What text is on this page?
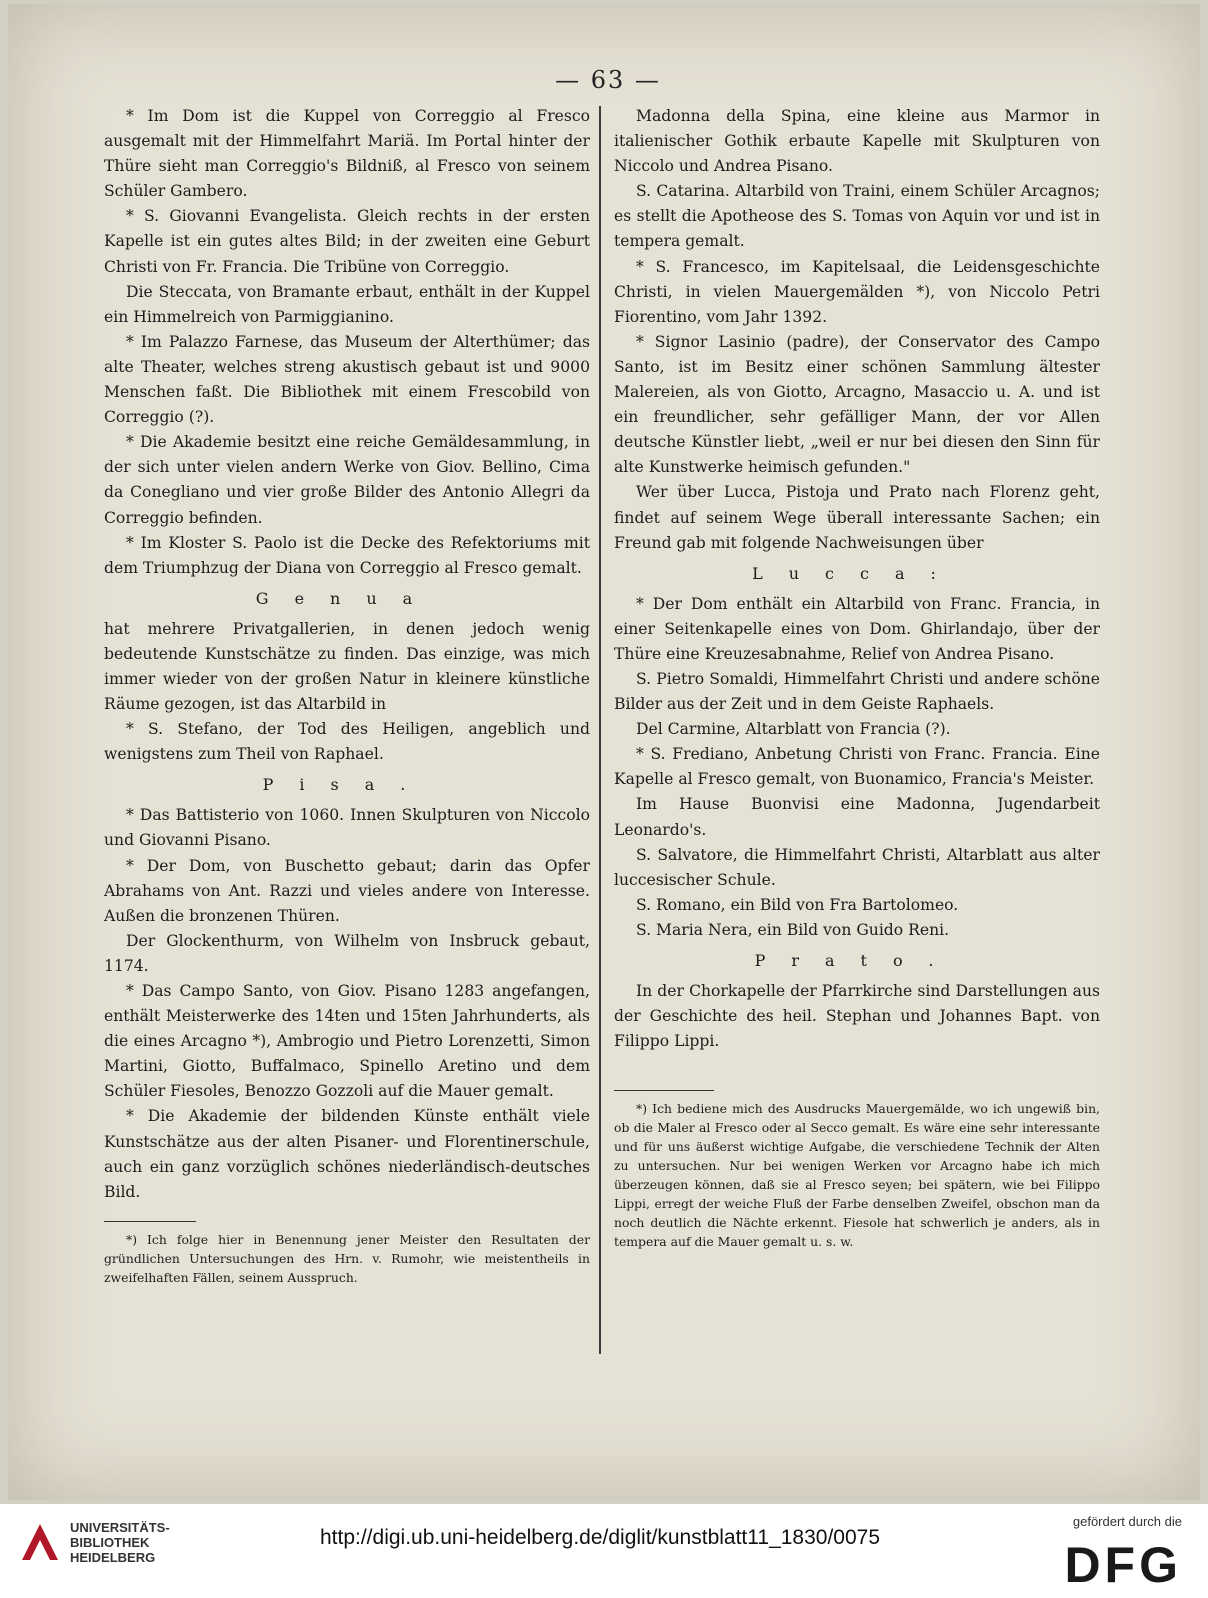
— 63 —

* Im Dom ist die Kuppel von Correggio al Fresco ausgemalt mit der Himmelfahrt Mariä. Im Portal hinter der Thüre sieht man Correggio's Bildniß, al Fresco von seinem Schüler Gambero.

* S. Giovanni Evangelista. Gleich rechts in der ersten Kapelle ist ein gutes altes Bild; in der zweiten eine Geburt Christi von Fr. Francia. Die Tribüne von Correggio.

Die Steccata, von Bramante erbaut, enthält in der Kuppel ein Himmelreich von Parmiggianino.

* Im Palazzo Farnese, das Museum der Alterthümer; das alte Theater, welches streng akustisch gebaut ist und 9000 Menschen faßt. Die Bibliothek mit einem Frescobild von Correggio (?).

* Die Akademie besitzt eine reiche Gemäldesammlung, in der sich unter vielen andern Werke von Giov. Bellino, Cima da Conegliano und vier große Bilder des Antonio Allegri da Correggio befinden.

* Im Kloster S. Paolo ist die Decke des Refektoriums mit dem Triumphzug der Diana von Correggio al Fresco gemalt.

Genua

hat mehrere Privatgallerien, in denen jedoch wenig bedeutende Kunstschätze zu finden. Das einzige, was mich immer wieder von der großen Natur in kleinere künstliche Räume gezogen, ist das Altarbild in

* S. Stefano, der Tod des Heiligen, angeblich und wenigstens zum Theil von Raphael.

Pisa.

* Das Battisterio von 1060. Innen Skulpturen von Niccolo und Giovanni Pisano.

* Der Dom, von Buschetto gebaut; darin das Opfer Abrahams von Ant. Razzi und vieles andere von Interesse. Außen die bronzenen Thüren.

Der Glockenthurm, von Wilhelm von Insbruck gebaut, 1174.

* Das Campo Santo, von Giov. Pisano 1283 angefangen, enthält Meisterwerke des 14ten und 15ten Jahrhunderts, als die eines Arcagno *), Ambrogio und Pietro Lorenzetti, Simon Martini, Giotto, Buffalmaco, Spinello Aretino und dem Schüler Fiesoles, Benozzo Gozzoli auf die Mauer gemalt.

* Die Akademie der bildenden Künste enthält viele Kunstschätze aus der alten Pisaner- und Florentinerschule, auch ein ganz vorzüglich schönes niederländisch-deutsches Bild.

*) Ich folge hier in Benennung jener Meister den Resultaten der gründlichen Untersuchungen des Hrn. v. Rumohr, wie meistentheils in zweifelhaften Fällen, seinem Ausspruch.

Madonna della Spina, eine kleine aus Marmor in italienischer Gothik erbaute Kapelle mit Skulpturen von Niccolo und Andrea Pisano.

S. Catarina. Altarbild von Traini, einem Schüler Arcagnos; es stellt die Apotheose des S. Tomas von Aquin vor und ist in tempera gemalt.

* S. Francesco, im Kapitelsaal, die Leidensgeschichte Christi, in vielen Mauergemälden *), von Niccolo Petri Fiorentino, vom Jahr 1392.

* Signor Lasinio (padre), der Conservator des Campo Santo, ist im Besitz einer schönen Sammlung ältester Malereien, als von Giotto, Arcagno, Masaccio u. A. und ist ein freundlicher, sehr gefälliger Mann, der vor Allen deutsche Künstler liebt, „weil er nur bei diesen den Sinn für alte Kunstwerke heimisch gefunden."

Wer über Lucca, Pistoja und Prato nach Florenz geht, findet auf seinem Wege überall interessante Sachen; ein Freund gab mit folgende Nachweisungen über

Lucca:

* Der Dom enthält ein Altarbild von Franc. Francia, in einer Seitenkapelle eines von Dom. Ghirlandajo, über der Thüre eine Kreuzesabnahme, Relief von Andrea Pisano.

S. Pietro Somaldi, Himmelfahrt Christi und andere schöne Bilder aus der Zeit und in dem Geiste Raphaels.

Del Carmine, Altarblatt von Francia (?).

* S. Frediano, Anbetung Christi von Franc. Francia. Eine Kapelle al Fresco gemalt, von Buonamico, Francia's Meister.

Im Hause Buonvisi eine Madonna, Jugendarbeit Leonardo's.

S. Salvatore, die Himmelfahrt Christi, Altarblatt aus alter luccesischer Schule.

S. Romano, ein Bild von Fra Bartolomeo.

S. Maria Nera, ein Bild von Guido Reni.

Prato.

In der Chorkapelle der Pfarrkirche sind Darstellungen aus der Geschichte des heil. Stephan und Johannes Bapt. von Filippo Lippi.

*) Ich bediene mich des Ausdrucks Mauergemälde, wo ich ungewiß bin, ob die Maler al Fresco oder al Secco gemalt. Es wäre eine sehr interessante und für uns äußerst wichtige Aufgabe, die verschiedene Technik der Alten zu untersuchen. Nur bei wenigen Werken vor Arcagno habe ich mich überzeugen können, daß sie al Fresco seyen; bei spätern, wie bei Filippo Lippi, erregt der weiche Fluß der Farbe denselben Zweifel, obschon man da noch deutlich die Nächte erkennt. Fiesole hat schwerlich je anders, als in tempera auf die Mauer gemalt u. s. w.

UNIVERSITÄTS-
BIBLIOTHEK
HEIDELBERG
http://digi.ub.uni-heidelberg.de/diglit/kunstblatt11_1830/0075
gefördert durch die
DFG
